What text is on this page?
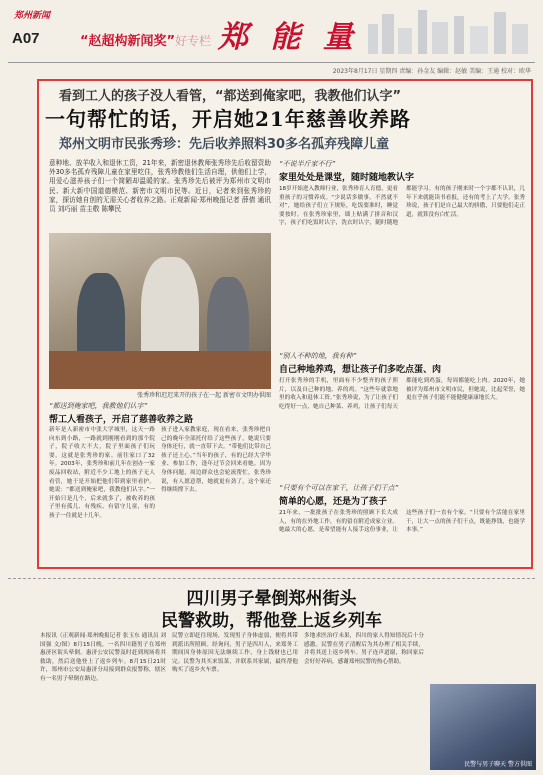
郑州新闻
A07	“赵超构新闻奖”好专栏 郑 能 量
2023年8月17日 星期四 责编：孙金友 编辑：赵敏 美编：王通 校对：欧华
看到工人的孩子没人看管，“都送到俺家吧，我教他们认字”
一句帮忙的话，开启她21年慈善收养路
郑州文明市民张秀珍：先后收养照料30多名孤弃残障儿童
意种地、放羊收入和退休工资，21年来，新密退休教师张秀珍先后收留资助外30多名孤弃残障儿童在家里吃住，张秀珍教他们生活自理，供他们上学，用爱心滋养孩子们一个简陋却温暖的家。张秀珍先后被评为郑州市文明市民、新大新中国道德模范、新密市文明市民等。近日，记者来到张秀珍的家，探访她自创的无需关心者收养之路。正观新闻·郑州晚报记者 薛倩 通讯员 刘巧丽 苗主敬 陈攀民
张秀珍和迟迟来开的孩子在一起 新密市文明办供图
“都送到俺家吧，我教他们认字”
帮工人看孩子，开启了慈善收养之路
新年是人新密市中张大学城里，这天一路向东到小路，一路就到刚刚看到的那个院子，院子收大不大，院子里面孩子们玩耍，这就是张秀珍的家。前往家口了32年。2003年，张秀珍和前几年在创办一家废品回收站，附近不少工地上的孩子无人看管，她于是开始把他们带到家里看护。她说：“都送到俺家吧，我教他们认字。”一开始只是几个，后来就多了，被收养的孩子里有孤儿、有残疾、有留守儿童，有的孩子一住就是十几年。
孩子进入家教家庭，现在看来，张秀珍把自己的晚年全部托付给了这些孩子，她说只要身体还行，就一直带下去。“带他们比带自己孩子还上心。”当年的孩子，有的已经大学毕业、参加工作，逢年过节会回来看她。因为身体问题，周边群众也会轮流帮忙，张秀珍说，有人愿意帮，她就更有劲了，这个家还得继续撑下去。
“不说半斤家不行”
家里处处是课堂，随时随地教认字
18岁开始进入教师行业，张秀珍育人育德，更看重孩子的习惯养成。“少说话多做事，不然就不对”，她给孩子们立下规矩，吃饭要准时，睡觉要按时。在张秀珍家里，墙上贴满了拼音和汉字，孩子们吃饭时认字，洗衣时认字，随时随地都能学习。有的孩子刚来时一个字都不认识，几年下来就能读书看报，还有的考上了大学。张秀珍说，孩子们是自己最大的骄傲，只要他们走正道，就算没有白忙活。
“别人不种的地，我有种”
自己种地养鸡，想让孩子们多吃点蛋、肉
打开张秀珍的手机，里面有不少整齐的孩子照片，以及自己种的地、养的鸡。“这些年就靠地里的收入和退休工资。”张秀珍说，为了让孩子们吃得好一点，她自己种菜、养鸡，让孩子们每天都能吃到鸡蛋，每周都能吃上肉。2020年，她被评为郑州市文明市民，但她说，比起荣誉，她更在乎孩子们能不能健健康康地长大。
“只要有个可以在家干，让孩子们干点”
简单的心愿，还是为了孩子
21年来，一批批孩子在张秀珍的照顾下长大成人，有的在外地工作，有的留在附近成家立业。她最大的心愿，是希望能有人接手这份事业，让这些孩子们一直有个家。“只要有个活能在家里干，让大一点的孩子们干点，既能挣钱，也能学本事。”
四川男子晕倒郑州街头
民警救助，帮他登上返乡列车
本报讯（正观新闻·郑州晚报记者 张玉东 通讯员 刘国强 文/图）8月15日晚，一名四川籍男子在郑州惠济区街头晕倒。惠济公安民警及时赶到现场将其救助，然后送他登上了返乡列车。8月15日21时许，郑州市公安局惠济分局接到群众报警称，辖区有一名男子晕倒在路边。
民警立即赶往现场，发现男子身体虚弱，便将其带到派出所照顾。经询问，男子是四川人，来郑务工期间因身体原因无法继续工作，身上钱财也已用完。民警为其买来饭菜，并联系其家属，最终帮他购买了返乡火车票。
多地求医治疗未果，四川的家人得知情况后十分感激。民警在男子清醒后为其办理了相关手续，并将其送上返乡列车。男子连声道谢，称回家后会好好养病，感谢郑州民警的热心帮助。
民警与男子聊天 警方供图
